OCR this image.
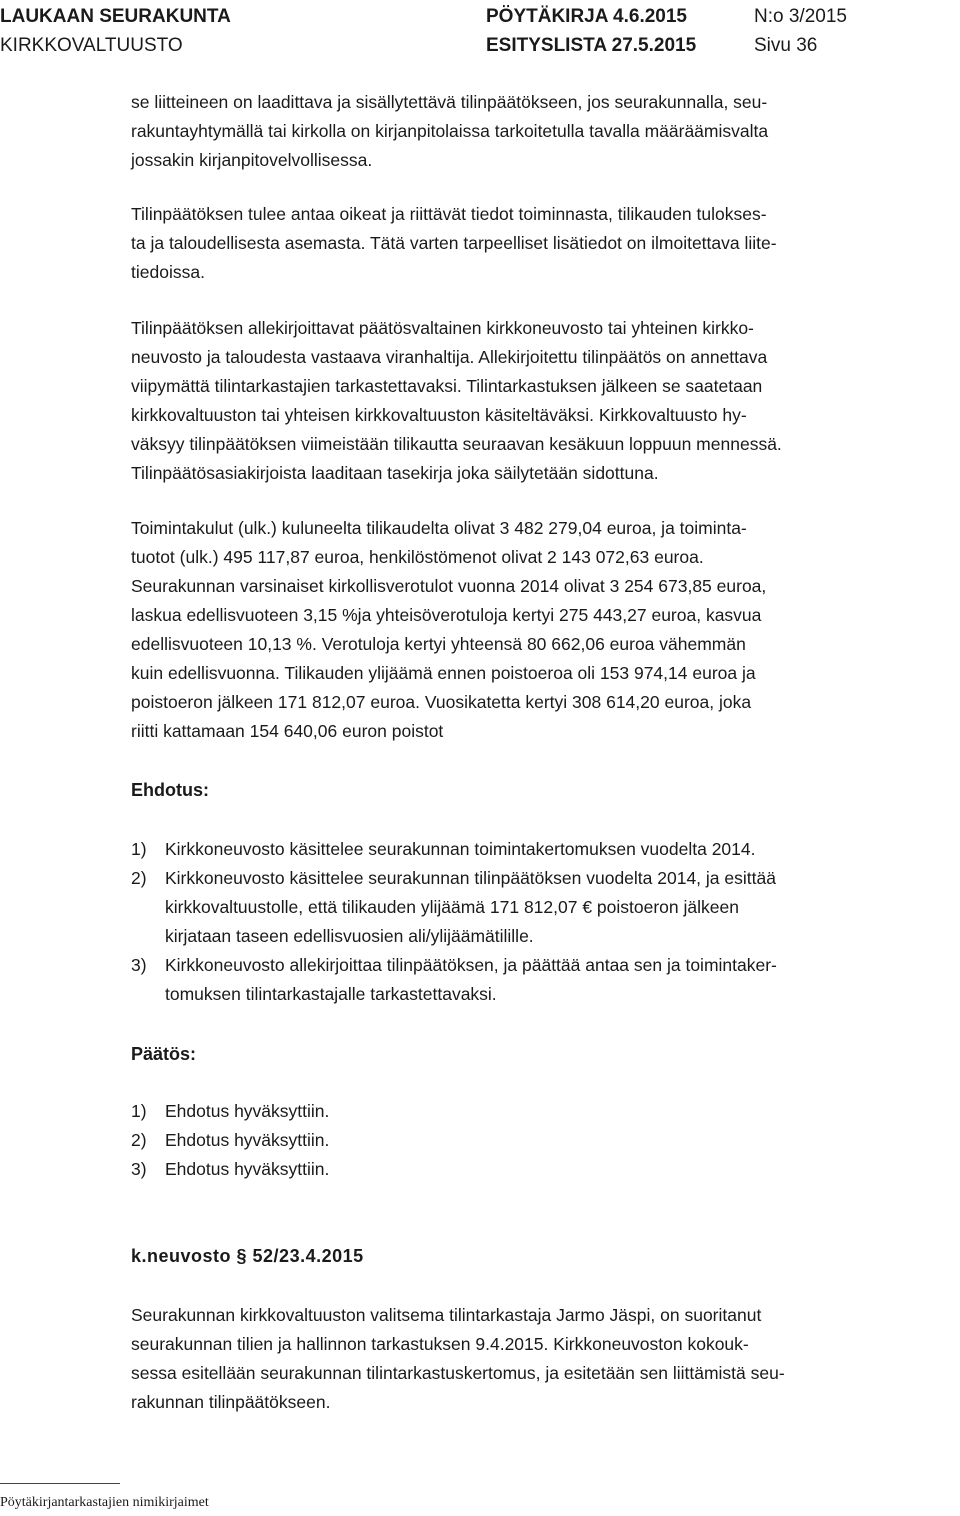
LAUKAAN SEURAKUNTA
KIRKKOVALTUUSTO
PÖYTÄKIRJA 4.6.2015
ESITYSLISTA 27.5.2015
N:o 3/2015
Sivu 36
se liitteineen on laadittava ja sisällytettävä tilinpäätökseen, jos seurakunnalla, seu-
rakuntayhtymällä tai kirkolla on kirjanpitolaissa tarkoitetulla tavalla määräämisvalta
jossakin kirjanpitovelvollisessa.
Tilinpäätöksen tulee antaa oikeat ja riittävät tiedot toiminnasta, tilikauden tulokses-
ta ja taloudellisesta asemasta. Tätä varten tarpeelliset lisätiedot on ilmoitettava liite-
tiedoissa.
Tilinpäätöksen allekirjoittavat päätösvaltainen kirkkoneuvosto tai yhteinen kirkko-
neuvosto ja taloudesta vastaava viranhaltija. Allekirjoitettu tilinpäätös on annettava
viipymättä tilintarkastajien tarkastettavaksi. Tilintarkastuksen jälkeen se saatetaan
kirkkovaltuuston tai yhteisen kirkkovaltuuston käsiteltäväksi. Kirkkovaltuusto hy-
väksyy tilinpäätöksen viimeistään tilikautta seuraavan kesäkuun loppuun mennessä.
Tilinpäätösasiakirjoista laaditaan tasekirja joka säilytetään sidottuna.
Toimintakulut (ulk.) kuluneelta tilikaudelta olivat 3 482 279,04 euroa, ja toiminta-
tuotot (ulk.) 495 117,87 euroa, henkilöstömenot olivat 2 143 072,63 euroa.
Seurakunnan varsinaiset kirkollisverotulot vuonna 2014 olivat 3 254 673,85 euroa,
laskua edellisvuoteen 3,15 %ja yhteisöverotuloja kertyi 275 443,27 euroa, kasvua
edellisvuoteen 10,13 %. Verotuloja kertyi yhteensä 80 662,06 euroa vähemmän
kuin edellisvuonna. Tilikauden ylijäämä ennen poistoeroa oli 153 974,14 euroa ja
poistoeron jälkeen 171 812,07 euroa. Vuosikatetta kertyi 308 614,20 euroa, joka
riitti kattamaan 154 640,06 euron poistot
Ehdotus:
1) Kirkkoneuvosto käsittelee seurakunnan toimintakertomuksen vuodelta 2014.
2) Kirkkoneuvosto käsittelee seurakunnan tilinpäätöksen vuodelta 2014, ja esittää
kirkkovaltuustolle, että tilikauden ylijäämä 171 812,07 € poistoeron jälkeen
kirjataan taseen edellisvuosien ali/ylijäämätilille.
3) Kirkkoneuvosto allekirjoittaa tilinpäätöksen, ja päättää antaa sen ja toimintaker-
tomuksen tilintarkastajalle tarkastettavaksi.
Päätös:
1) Ehdotus hyväksyttiin.
2) Ehdotus hyväksyttiin.
3) Ehdotus hyväksyttiin.
k.neuvosto § 52/23.4.2015
Seurakunnan kirkkovaltuuston valitsema tilintarkastaja Jarmo Jäspi, on suoritanut
seurakunnan tilien ja hallinnon tarkastuksen 9.4.2015. Kirkkoneuvoston kokouk-
sessa esitellään seurakunnan tilintarkastuskertomus, ja esitetään sen liittämistä seu-
rakunnan tilinpäätökseen.
Pöytäkirjantarkastajien nimikirjaimet
